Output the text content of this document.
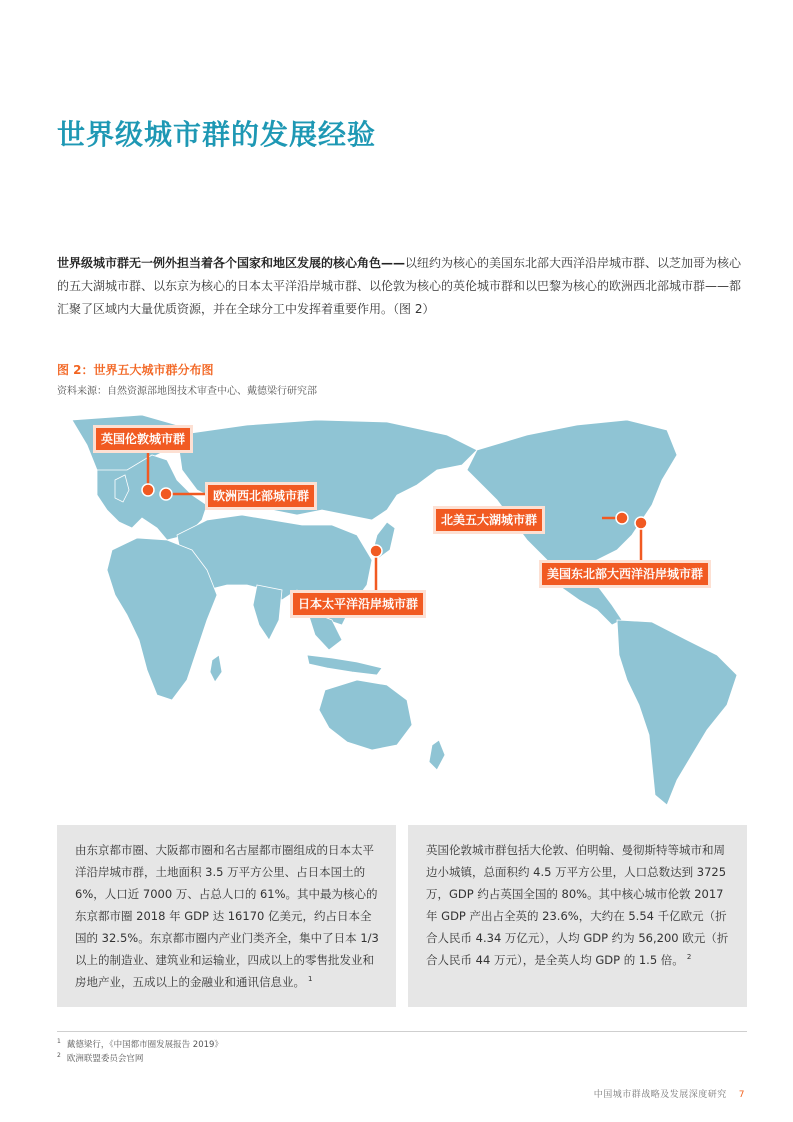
世界级城市群的发展经验
世界级城市群无一例外担当着各个国家和地区发展的核心角色——以纽约为核心的美国东北部大西洋沿岸城市群、以芝加哥为核心的五大湖城市群、以东京为核心的日本太平洋沿岸城市群、以伦敦为核心的英伦城市群和以巴黎为核心的欧洲西北部城市群——都汇聚了区域内大量优质资源，并在全球分工中发挥着重要作用。（图 2）
图 2：世界五大城市群分布图
资料来源：自然资源部地图技术审查中心、戴德梁行研究部
英国伦敦城市群
欧洲西北部城市群
北美五大湖城市群
美国东北部大西洋沿岸城市群
日本太平洋沿岸城市群
由东京都市圈、大阪都市圈和名古屋都市圈组成的日本太平洋沿岸城市群，土地面积 3.5 万平方公里、占日本国土的 6%，人口近 7000 万、占总人口的 61%。其中最为核心的东京都市圈 2018 年 GDP 达 16170 亿美元，约占日本全国的 32.5%。东京都市圈内产业门类齐全，集中了日本 1/3 以上的制造业、建筑业和运输业，四成以上的零售批发业和房地产业，五成以上的金融业和通讯信息业。 $^1$
英国伦敦城市群包括大伦敦、伯明翰、曼彻斯特等城市和周边小城镇，总面积约 4.5 万平方公里，人口总数达到 3725 万，GDP 约占英国全国的 80%。其中核心城市伦敦 2017 年 GDP 产出占全英的 23.6%，大约在 5.54 千亿欧元（折合人民币 4.34 万亿元），人均 GDP 约为 56,200 欧元（折合人民币 44 万元），是全英人均 GDP 的 1.5 倍。 $^2$
$^1$ 戴德梁行，《中国都市圈发展报告 2019》
$^2$ 欧洲联盟委员会官网
中国城市群战略及发展深度研究 7
